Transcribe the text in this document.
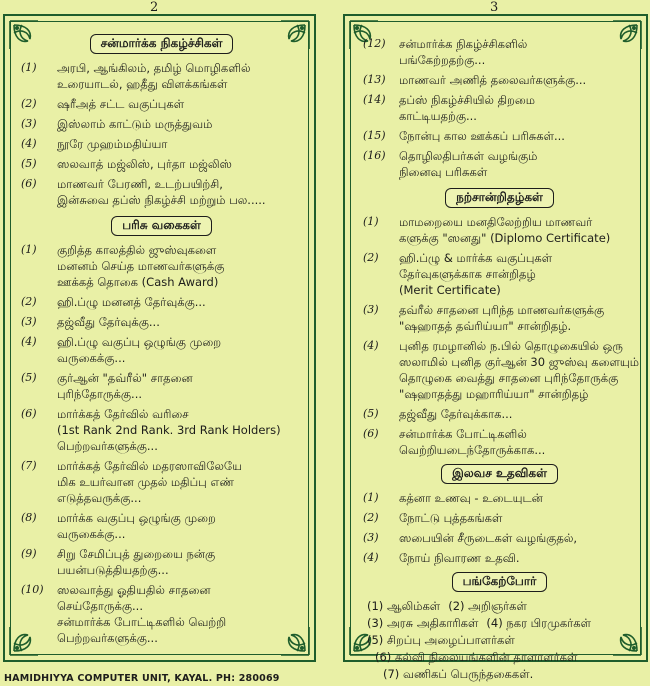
2	3
சன்மார்க்க நிகழ்ச்சிகள்
(1)	அரபி, ஆங்கிலம், தமிழ் மொழிகளில்
உரையாடல், ஹதீது விளக்கங்கள்
(2)	ஷரீஅத் சட்ட வகுப்புகள்
(3)	இஸ்லாம் காட்டும் மருத்துவம்
(4)	நூரே முஹம்மதிய்யா
(5)	ஸலவாத் மஜ்லிஸ், புர்தா மஜ்லிஸ்
(6)	மாணவர் பேரணி, உடற்பயிற்சி,
இன்சுவை தப்ஸ் நிகழ்ச்சி மற்றும் பல.....
பரிசு வகைகள்
(1)	குறித்த காலத்தில் ஜுஸ்வுகளை
மனனம் செய்த மாணவர்களுக்கு
ஊக்கத் தொகை (Cash Award)
(2)	ஹி.ப்ழு மனனத் தேர்வுக்கு...
(3)	தஜ்வீது தேர்வுக்கு...
(4)	ஹி.ப்ழு வகுப்பு ஒழுங்கு முறை
வருகைக்கு...
(5)	குர்ஆன் "தவ்ரீல்" சாதனை
புரிந்தோருக்கு...
(6)	மார்க்கத் தேர்வில் வரிசை
(1st Rank 2nd Rank. 3rd Rank Holders)
பெற்றவர்களுக்கு...
(7)	மார்க்கத் தேர்வில் மதரஸாவிலேயே
மிக உயர்வான முதல் மதிப்பு எண்
எடுத்தவருக்கு...
(8)	மார்க்க வகுப்பு ஒழுங்கு முறை
வருகைக்கு...
(9)	சிறு சேமிப்புத் துறையை நன்கு
பயன்படுத்தியதற்கு...
(10)	ஸலவாத்து ஓதியதில் சாதனை
செய்தோருக்கு...
சன்மார்க்க போட்டிகளில் வெற்றி
பெற்றவர்களுக்கு...
(12)	சன்மார்க்க நிகழ்ச்சிகளில்
பங்கேற்றதற்கு...
(13)	மாணவர் அணித் தலைவர்களுக்கு...
(14)	தப்ஸ் நிகழ்ச்சியில் திறமை
காட்டியதற்கு...
(15)	நோன்பு கால ஊக்கப் பரிசுகள்...
(16)	தொழிலதிபர்கள் வழங்கும்
நினைவு பரிசுகள்
நற்சான்றிதழ்கள்
(1)	மாமறையை மனதிலேற்றிய மாணவர்
களுக்கு "ஸனது" (Diplomo Certificate)
(2)	ஹி.ப்ழு & மார்க்க வகுப்புகள்
தேர்வுகளுக்காக சான்றிதழ்
(Merit Certificate)
(3)	தவ்ரீல் சாதனை புரிந்த மாணவர்களுக்கு
"ஷஹாதத் தவ்ரிய்யா" சான்றிதழ்.
(4)	புனித ரமழானில் ந.பில் தொழுகையில் ஒரு
ஸலாமில் புனித குர்ஆன் 30 ஜுஸ்வு களையும்
தொழுகை வைத்து சாதனை புரிந்தோருக்கு
"ஷஹாதத்து மஹாரிய்யா" சான்றிதழ்
(5)	தஜ்வீது தேர்வுக்காக...
(6)	சன்மார்க்க போட்டிகளில்
வெற்றியடைந்தோருக்காக...
இலவச உதவிகள்
(1)	கத்னா உணவு - உடையுடன்
(2)	நோட்டு புத்தகங்கள்
(3)	ஸபையின் சீருடைகள் வழங்குதல்,
(4)	நோய் நிவாரண உதவி.
பங்கேற்போர்
(1) ஆலிம்கள் (2) அறிஞர்கள்
(3) அரசு அதிகாரிகள் (4) நகர பிரமுகர்கள்
(5) சிறப்பு அழைப்பாளர்கள்
(6) கல்வி நிலையங்களின் தாளாளர்கள்
(7) வணிகப் பெருந்தகைகள்.
HAMIDHIYYA COMPUTER UNIT, KAYAL. PH: 280069
